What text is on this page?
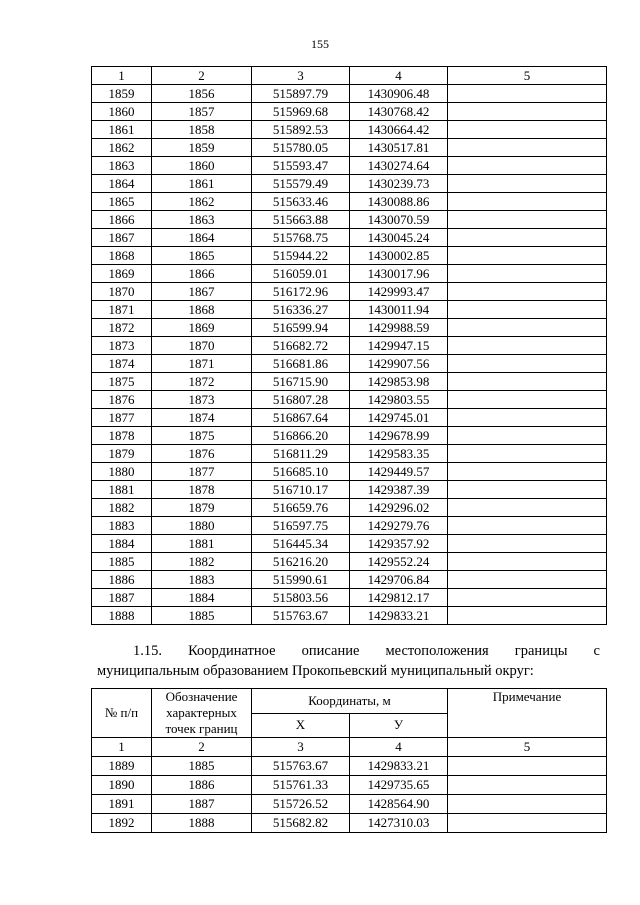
155
1	2	3	4	5
1859	1856	515897.79	1430906.48	
1860	1857	515969.68	1430768.42	
1861	1858	515892.53	1430664.42	
1862	1859	515780.05	1430517.81	
1863	1860	515593.47	1430274.64	
1864	1861	515579.49	1430239.73	
1865	1862	515633.46	1430088.86	
1866	1863	515663.88	1430070.59	
1867	1864	515768.75	1430045.24	
1868	1865	515944.22	1430002.85	
1869	1866	516059.01	1430017.96	
1870	1867	516172.96	1429993.47	
1871	1868	516336.27	1430011.94	
1872	1869	516599.94	1429988.59	
1873	1870	516682.72	1429947.15	
1874	1871	516681.86	1429907.56	
1875	1872	516715.90	1429853.98	
1876	1873	516807.28	1429803.55	
1877	1874	516867.64	1429745.01	
1878	1875	516866.20	1429678.99	
1879	1876	516811.29	1429583.35	
1880	1877	516685.10	1429449.57	
1881	1878	516710.17	1429387.39	
1882	1879	516659.76	1429296.02	
1883	1880	516597.75	1429279.76	
1884	1881	516445.34	1429357.92	
1885	1882	516216.20	1429552.24	
1886	1883	515990.61	1429706.84	
1887	1884	515803.56	1429812.17	
1888	1885	515763.67	1429833.21	
1.15. Координатное описание местоположения границы с
муниципальным образованием Прокопьевский муниципальный округ:
№ п/п	Обозначение характерных точек границ	Координаты, м		Примечание
		X	У	
1	2	3	4	5
1889	1885	515763.67	1429833.21	
1890	1886	515761.33	1429735.65	
1891	1887	515726.52	1428564.90	
1892	1888	515682.82	1427310.03	
